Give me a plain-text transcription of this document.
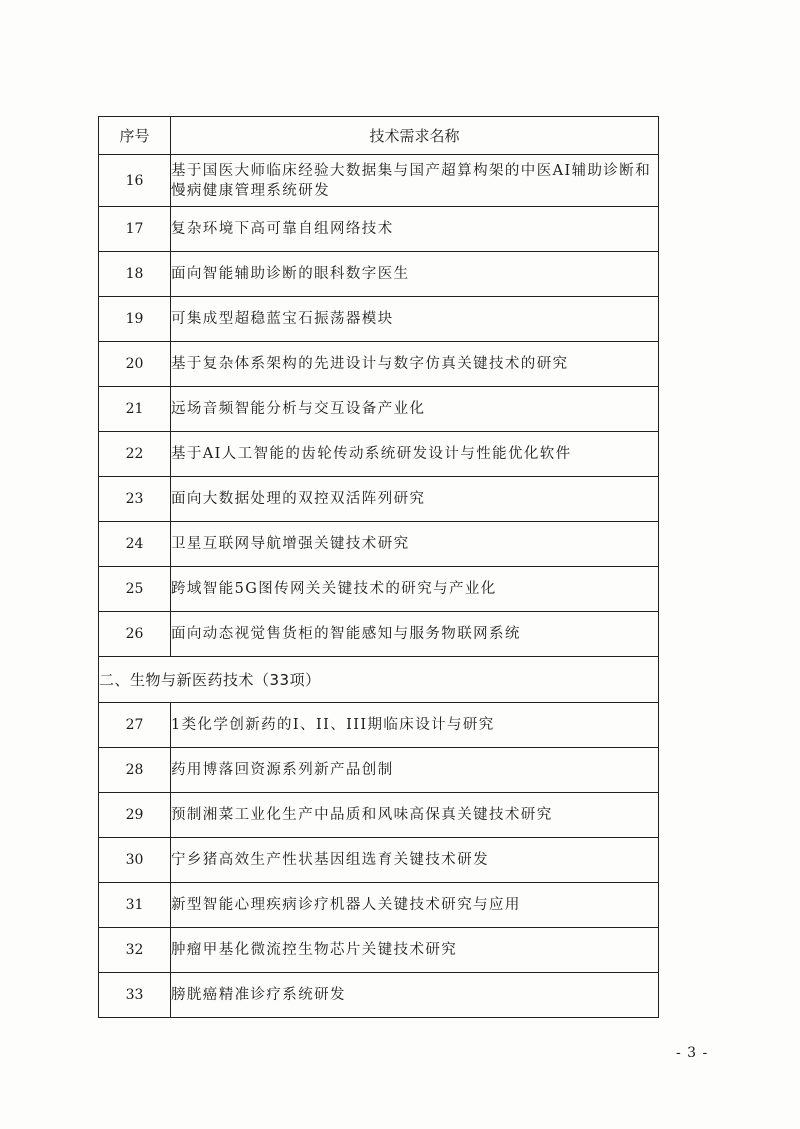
序号	技术需求名称
16	基于国医大师临床经验大数据集与国产超算构架的中医AI辅助诊断和慢病健康管理系统研发
17	复杂环境下高可靠自组网络技术
18	面向智能辅助诊断的眼科数字医生
19	可集成型超稳蓝宝石振荡器模块
20	基于复杂体系架构的先进设计与数字仿真关键技术的研究
21	远场音频智能分析与交互设备产业化
22	基于AI人工智能的齿轮传动系统研发设计与性能优化软件
23	面向大数据处理的双控双活阵列研究
24	卫星互联网导航增强关键技术研究
25	跨域智能5G图传网关关键技术的研究与产业化
26	面向动态视觉售货柜的智能感知与服务物联网系统
二、生物与新医药技术（33项）	
27	1类化学创新药的I、II、III期临床设计与研究
28	药用博落回资源系列新产品创制
29	预制湘菜工业化生产中品质和风味高保真关键技术研究
30	宁乡猪高效生产性状基因组选育关键技术研发
31	新型智能心理疾病诊疗机器人关键技术研究与应用
32	肿瘤甲基化微流控生物芯片关键技术研究
33	膀胱癌精准诊疗系统研发
- 3 -
